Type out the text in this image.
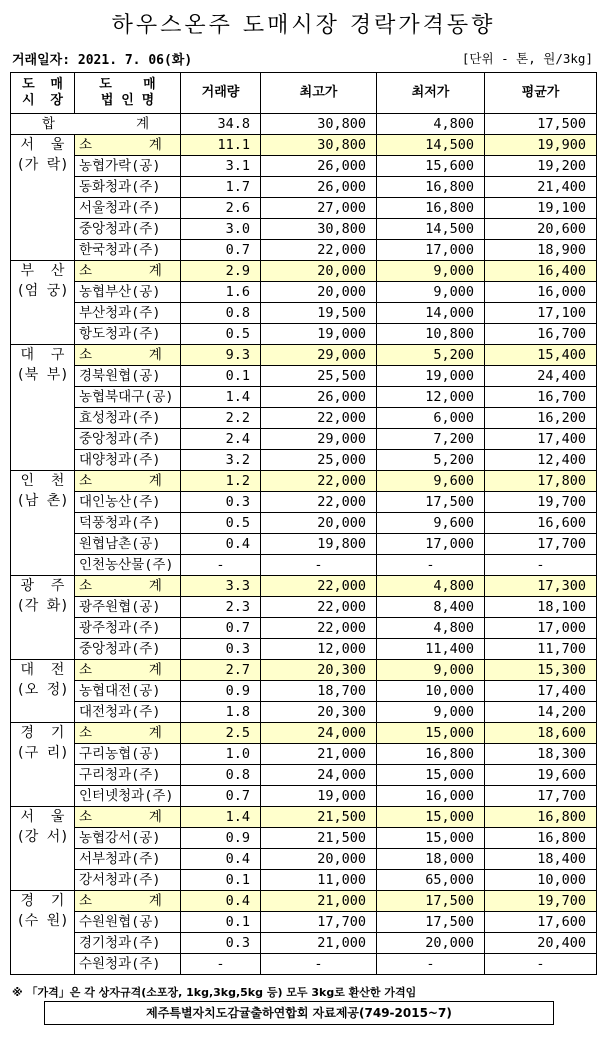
하우스온주 도매시장 경락가격동향
거래일자: 2021. 7. 06(화)	[단위 - 톤, 원/3kg]
도  매
시  장	도    매
법 인 명	거래량	최고가	최저가	평균가
합          계		34.8	30,800	4,800	17,500
서  울
(가 락)	소       계	11.1	30,800	14,500	19,900
	농협가락(공)	3.1	26,000	15,600	19,200
	동화청과(주)	1.7	26,000	16,800	21,400
	서울청과(주)	2.6	27,000	16,800	19,100
	중앙청과(주)	3.0	30,800	14,500	20,600
	한국청과(주)	0.7	22,000	17,000	18,900
부  산
(엄 궁)	소       계	2.9	20,000	9,000	16,400
	농협부산(공)	1.6	20,000	9,000	16,000
	부산청과(주)	0.8	19,500	14,000	17,100
	항도청과(주)	0.5	19,000	10,800	16,700
대  구
(북 부)	소       계	9.3	29,000	5,200	15,400
	경북원협(공)	0.1	25,500	19,000	24,400
	농협북대구(공)	1.4	26,000	12,000	16,700
	효성청과(주)	2.2	22,000	6,000	16,200
	중앙청과(주)	2.4	29,000	7,200	17,400
	대양청과(주)	3.2	25,000	5,200	12,400
인  천
(남 촌)	소       계	1.2	22,000	9,600	17,800
	대인농산(주)	0.3	22,000	17,500	19,700
	덕풍청과(주)	0.5	20,000	9,600	16,600
	원협남촌(공)	0.4	19,800	17,000	17,700
	인천농산물(주)	-	-	-	-
광  주
(각 화)	소       계	3.3	22,000	4,800	17,300
	광주원협(공)	2.3	22,000	8,400	18,100
	광주청과(주)	0.7	22,000	4,800	17,000
	중앙청과(주)	0.3	12,000	11,400	11,700
대  전
(오 정)	소       계	2.7	20,300	9,000	15,300
	농협대전(공)	0.9	18,700	10,000	17,400
	대전청과(주)	1.8	20,300	9,000	14,200
경  기
(구 리)	소       계	2.5	24,000	15,000	18,600
	구리농협(공)	1.0	21,000	16,800	18,300
	구리청과(주)	0.8	24,000	15,000	19,600
	인터넷청과(주)	0.7	19,000	16,000	17,700
서  울
(강 서)	소       계	1.4	21,500	15,000	16,800
	농협강서(공)	0.9	21,500	15,000	16,800
	서부청과(주)	0.4	20,000	18,000	18,400
	강서청과(주)	0.1	11,000	65,000	10,000
경  기
(수 원)	소       계	0.4	21,000	17,500	19,700
	수원원협(공)	0.1	17,700	17,500	17,600
	경기청과(주)	0.3	21,000	20,000	20,400
	수원청과(주)	-	-	-	-
※ 「가격」은 각 상자규격(소포장, 1kg,3kg,5kg 등) 모두 3kg로 환산한 가격임
제주특별자치도감귤출하연합회 자료제공(749-2015~7)
